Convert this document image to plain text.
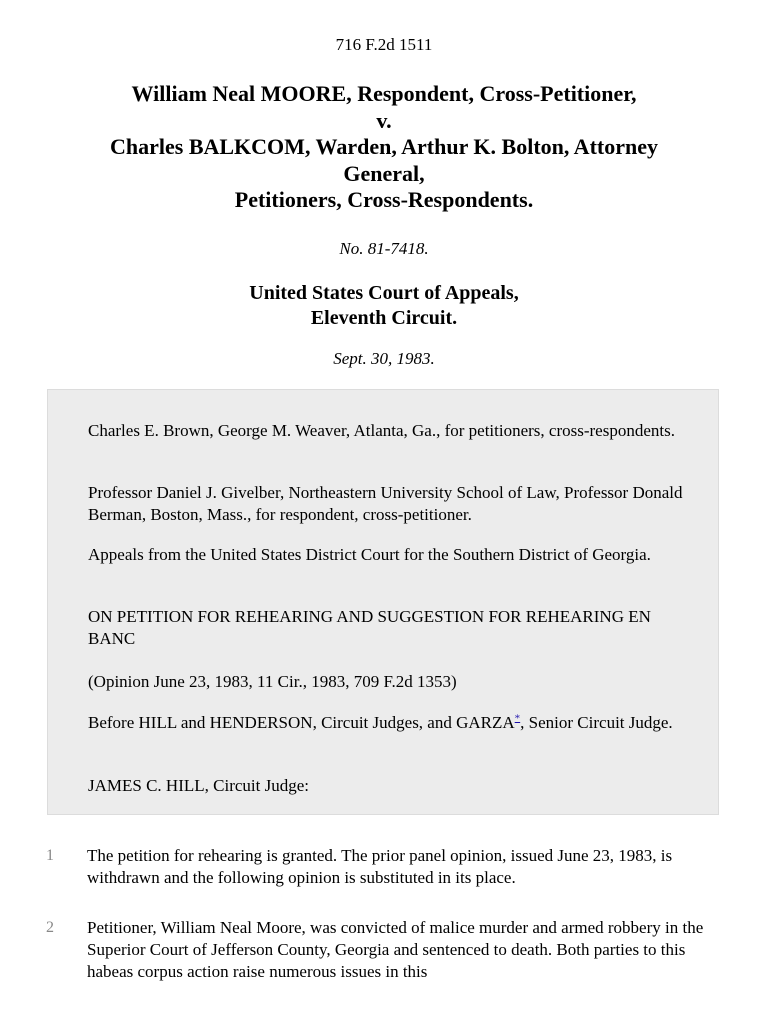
716 F.2d 1511
William Neal MOORE, Respondent, Cross-Petitioner,
v.
Charles BALKCOM, Warden, Arthur K. Bolton, Attorney
General,
Petitioners, Cross-Respondents.
No. 81-7418.
United States Court of Appeals,
Eleventh Circuit.
Sept. 30, 1983.

Charles E. Brown, George M. Weaver, Atlanta, Ga., for petitioners, cross-respondents.

Professor Daniel J. Givelber, Northeastern University School of Law, Professor Donald Berman, Boston, Mass., for respondent, cross-petitioner.

Appeals from the United States District Court for the Southern District of Georgia.

ON PETITION FOR REHEARING AND SUGGESTION FOR REHEARING EN BANC

(Opinion June 23, 1983, 11 Cir., 1983, 709 F.2d 1353)

Before HILL and HENDERSON, Circuit Judges, and GARZA*, Senior Circuit Judge.

JAMES C. HILL, Circuit Judge:

1 The petition for rehearing is granted. The prior panel opinion, issued June 23, 1983, is withdrawn and the following opinion is substituted in its place.

2 Petitioner, William Neal Moore, was convicted of malice murder and armed robbery in the Superior Court of Jefferson County, Georgia and sentenced to death. Both parties to this habeas corpus action raise numerous issues in this
